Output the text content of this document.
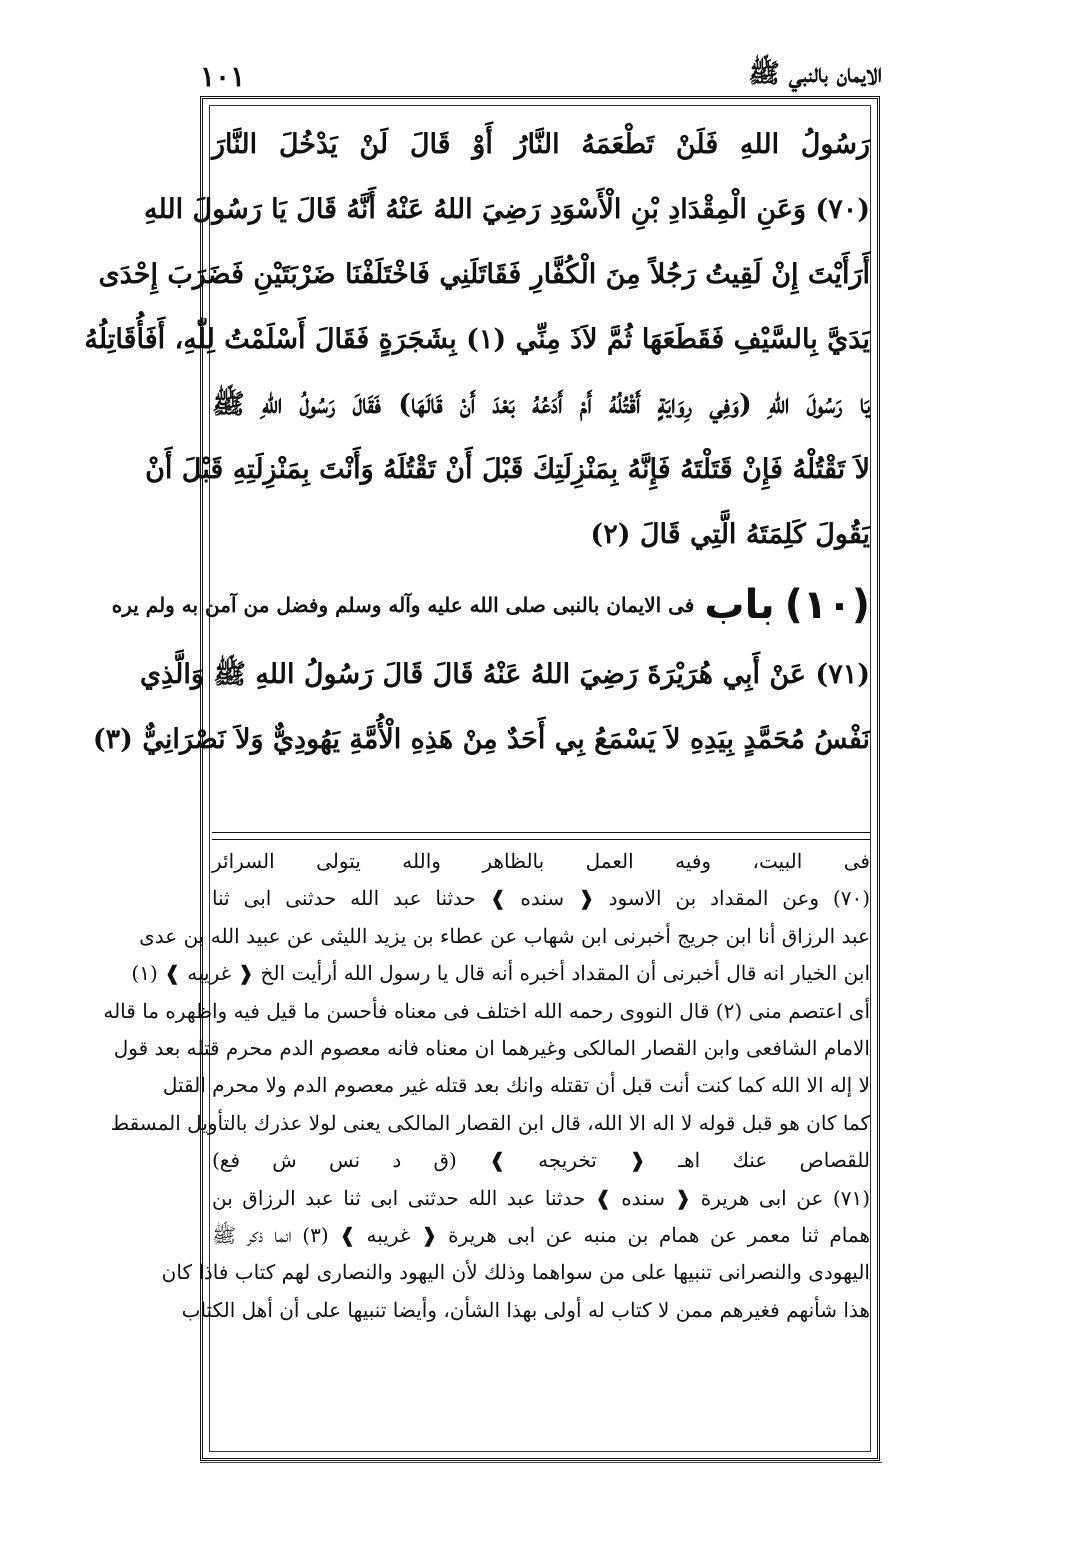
الايمان بالنبي ﷺ
١٠١
رَسُولُ اللهِ فَلَنْ تَطْعَمَهُ النَّارُ أَوْ قَالَ لَنْ يَدْخُلَ النَّارَ
(٧٠) وَعَنِ الْمِقْدَادِ بْنِ الْأَسْوَدِ رَضِيَ اللهُ عَنْهُ أَنَّهُ قَالَ يَا رَسُولَ اللهِ
أَرَأَيْتَ إِنْ لَقِيتُ رَجُلاً مِنَ الْكُفَّارِ فَقَاتَلَنِي فَاخْتَلَفْنَا ضَرْبَتَيْنِ فَضَرَبَ إِحْدَى
يَدَيَّ بِالسَّيْفِ فَقَطَعَهَا ثُمَّ لاَذَ مِنِّي (١) بِشَجَرَةٍ فَقَالَ أَسْلَمْتُ لِلّٰهِ، أَفَأُقَاتِلُهُ
يَا رَسُولَ اللهِ (وَفِي رِوَايَةٍ أَقْتُلُهُ أَمْ أَدَعُهُ بَعْدَ أَنْ قَالَهَا) فَقَالَ رَسُولُ اللهِ ﷺ
لاَ تَقْتُلْهُ فَإِنْ قَتَلْتَهُ فَإِنَّهُ بِمَنْزِلَتِكَ قَبْلَ أَنْ تَقْتُلَهُ وَأَنْتَ بِمَنْزِلَتِهِ قَبْلَ أَنْ
يَقُولَ كَلِمَتَهُ الَّتِي قَالَ (٢)
(١٠)
باب
فى الايمان بالنبى صلى الله عليه وآله وسلم وفضل من آمن به ولم يره
(٧١) عَنْ أَبِي هُرَيْرَةَ رَضِيَ اللهُ عَنْهُ قَالَ قَالَ رَسُولُ اللهِ ﷺ وَالَّذِي
نَفْسُ مُحَمَّدٍ بِيَدِهِ لاَ يَسْمَعُ بِي أَحَدٌ مِنْ هَذِهِ الْأُمَّةِ يَهُودِيٌّ وَلاَ نَصْرَانِيٌّ (٣)
فى البيت، وفيه العمل بالظاهر والله يتولى السرائر
(٧٠) وعن المقداد بن الاسود ❰ سنده ❱ حدثنا عبد الله حدثنى ابى ثنا
عبد الرزاق أنا ابن جريج أخبرنى ابن شهاب عن عطاء بن يزيد الليثى عن عبيد الله بن عدى
ابن الخيار انه قال أخبرنى أن المقداد أخبره أنه قال يا رسول الله أرأيت الخ ❰ غريبه ❱ (١)
أى اعتصم منى (٢) قال النووى رحمه الله اختلف فى معناه فأحسن ما قيل فيه واظهره ما قاله
الامام الشافعى وابن القصار المالكى وغيرهما ان معناه فانه معصوم الدم محرم قتله بعد قول
لا إله الا الله كما كنت أنت قبل أن تقتله وانك بعد قتله غير معصوم الدم ولا محرم القتل
كما كان هو قبل قوله لا اله الا الله، قال ابن القصار المالكى يعنى لولا عذرك بالتأويل المسقط
للقصاص عنك اهـ ❰ تخريجه ❱ (ق د نس ش فع)
(٧١) عن ابى هريرة ❰ سنده ❱ حدثنا عبد الله حدثنى ابى ثنا عبد الرزاق بن
همام ثنا معمر عن همام بن منبه عن ابى هريرة ❰ غريبه ❱ (٣) انما ذكر ﷺ
اليهودى والنصرانى تنبيها على من سواهما وذلك لأن اليهود والنصارى لهم كتاب فاذا كان
هذا شأنهم فغيرهم ممن لا كتاب له أولى بهذا الشأن، وأيضا تنبيها على أن أهل الكتاب
